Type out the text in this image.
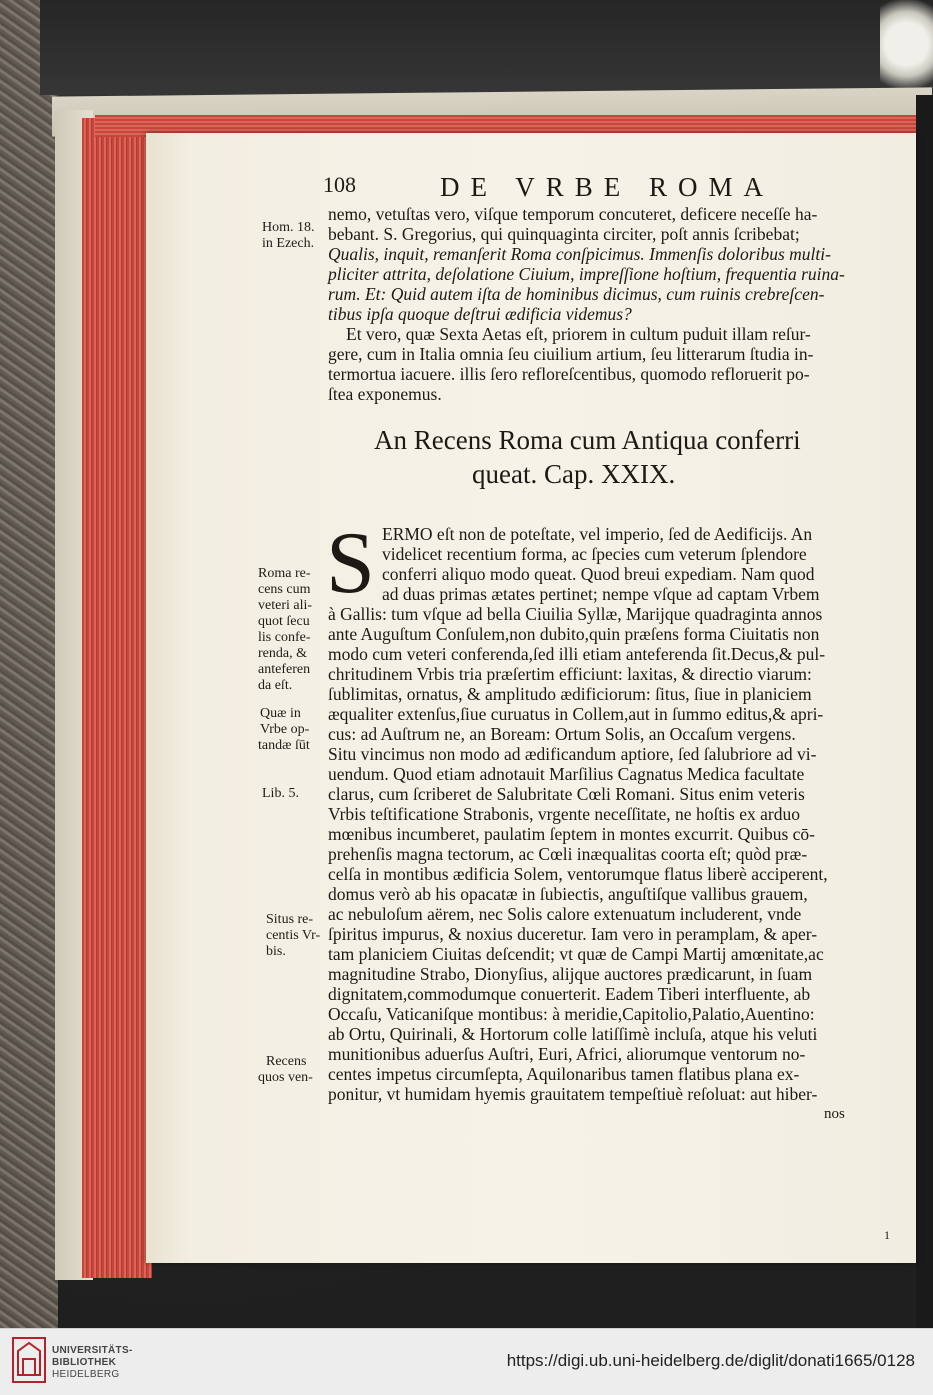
108	DE VRBE ROMA
nemo, vetuſtas vero, viſque temporum concuteret, deficere neceſſe ha-
bebant. S. Gregorius, qui quinquaginta circiter, poſt annis ſcribebat;
Qualis, inquit, remanſerit Roma conſpicimus. Immenſis doloribus multi-
pliciter attrita, deſolatione Ciuium, impreſſione hoſtium, frequentia ruina-
rum. Et: Quid autem iſta de hominibus dicimus, cum ruinis crebreſcen-
tibus ipſa quoque deſtrui ædificia videmus?
Et vero, quæ Sexta Aetas eſt, priorem in cultum puduit illam reſur-
gere, cum in Italia omnia ſeu ciuilium artium, ſeu litterarum ſtudia in-
termortua iacuere. illis ſero refloreſcentibus, quomodo refloruerit po-
ſtea exponemus.
An Recens Roma cum Antiqua conferri
queat. Cap. XXIX.
S ERMO eſt non de poteſtate, vel imperio, ſed de Aedificijs. An
videlicet recentium forma, ac ſpecies cum veterum ſplendore
conferri aliquo modo queat. Quod breui expediam. Nam quod
ad duas primas ætates pertinet; nempe vſque ad captam Vrbem
à Gallis: tum vſque ad bella Ciuilia Syllæ, Marijque quadraginta annos
ante Auguſtum Conſulem,non dubito,quin præſens forma Ciuitatis non
modo cum veteri conferenda,ſed illi etiam anteferenda ſit.Decus,& pul-
chritudinem Vrbis tria præſertim efficiunt: laxitas, & directio viarum:
ſublimitas, ornatus, & amplitudo ædificiorum: ſitus, ſiue in planiciem
æqualiter extenſus,ſiue curuatus in Collem,aut in ſummo editus,& apri-
cus: ad Auſtrum ne, an Boream: Ortum Solis, an Occaſum vergens.
Situ vincimus non modo ad ædificandum aptiore, ſed ſalubriore ad vi-
uendum. Quod etiam adnotauit Marſilius Cagnatus Medica facultate
clarus, cum ſcriberet de Salubritate Cœli Romani. Situs enim veteris
Vrbis teſtificatione Strabonis, vrgente neceſſitate, ne hoſtis ex arduo
mœnibus incumberet, paulatim ſeptem in montes excurrit. Quibus cō-
prehenſis magna tectorum, ac Cœli inæqualitas coorta eſt; quòd præ-
celſa in montibus ædificia Solem, ventorumque flatus liberè acciperent,
domus verò ab his opacatæ in ſubiectis, anguſtiſque vallibus grauem,
ac nebuloſum aërem, nec Solis calore extenuatum includerent, vnde
ſpiritus impurus, & noxius duceretur. Iam vero in peramplam, & aper-
tam planiciem Ciuitas deſcendit; vt quæ de Campi Martij amœnitate,ac
magnitudine Strabo, Dionyſius, alijque auctores prædicarunt, in ſuam
dignitatem,commodumque conuerterit. Eadem Tiberi interfluente, ab
Occaſu, Vaticaniſque montibus: à meridie,Capitolio,Palatio,Auentino:
ab Ortu, Quirinali, & Hortorum colle latiſſimè incluſa, atque his veluti
munitionibus aduerſus Auſtri, Euri, Africi, aliorumque ventorum no-
centes impetus circumſepta, Aquilonaribus tamen flatibus plana ex-
ponitur, vt humidam hyemis grauitatem tempeſtiuè reſoluat: aut hiber-
nos
Hom. 18.
in Ezech.
Roma re-
cens cum
veteri ali-
quot ſecu
lis confe-
renda, &
anteferen
da eſt.
Quæ in
Vrbe op-
tandæ ſūt
Lib. 5.
Situs re-
centis Vr-
bis.
Recens
quos ven-
1
UNIVERSITÄTS-
BIBLIOTHEK
HEIDELBERG
https://digi.ub.uni-heidelberg.de/diglit/donati1665/0128
